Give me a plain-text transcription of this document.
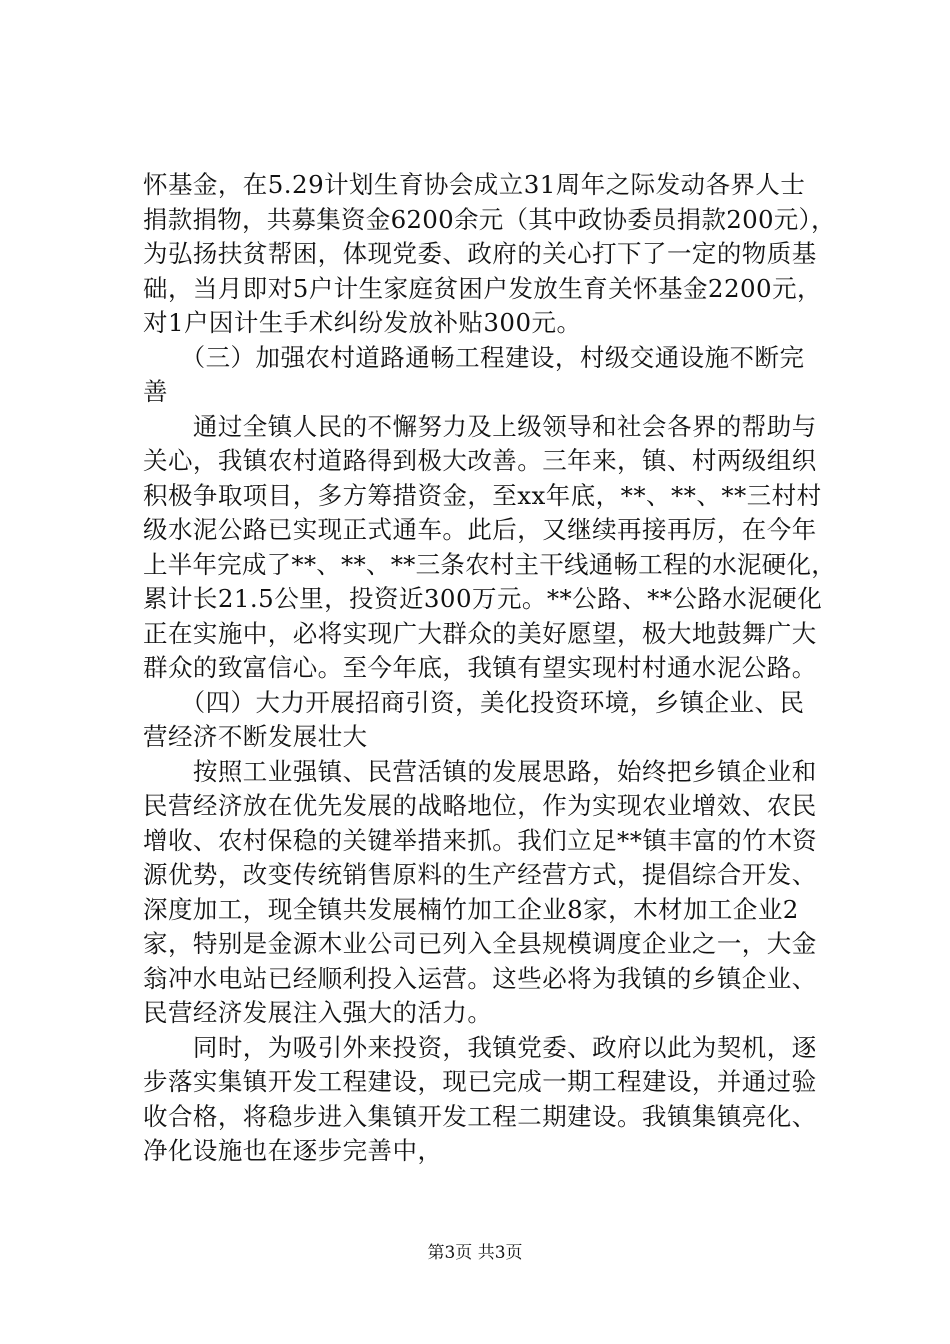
怀基金，在5.29计划生育协会成立31周年之际发动各界人士
捐款捐物，共募集资金6200余元（其中政协委员捐款200元），
为弘扬扶贫帮困，体现党委、政府的关心打下了一定的物质基
础，当月即对5户计生家庭贫困户发放生育关怀基金2200元，
对1户因计生手术纠纷发放补贴300元。
　　（三）加强农村道路通畅工程建设，村级交通设施不断完
善
　　通过全镇人民的不懈努力及上级领导和社会各界的帮助与
关心，我镇农村道路得到极大改善。三年来，镇、村两级组织
积极争取项目，多方筹措资金，至xx年底，**、**、**三村村
级水泥公路已实现正式通车。此后，又继续再接再厉，在今年
上半年完成了**、**、**三条农村主干线通畅工程的水泥硬化，
累计长21.5公里，投资近300万元。**公路、**公路水泥硬化
正在实施中，必将实现广大群众的美好愿望，极大地鼓舞广大
群众的致富信心。至今年底，我镇有望实现村村通水泥公路。
　　（四）大力开展招商引资，美化投资环境，乡镇企业、民
营经济不断发展壮大
　　按照工业强镇、民营活镇的发展思路，始终把乡镇企业和
民营经济放在优先发展的战略地位，作为实现农业增效、农民
增收、农村保稳的关键举措来抓。我们立足**镇丰富的竹木资
源优势，改变传统销售原料的生产经营方式，提倡综合开发、
深度加工，现全镇共发展楠竹加工企业8家，木材加工企业2
家，特别是金源木业公司已列入全县规模调度企业之一，大金
翁冲水电站已经顺利投入运营。这些必将为我镇的乡镇企业、
民营经济发展注入强大的活力。
　　同时，为吸引外来投资，我镇党委、政府以此为契机，逐
步落实集镇开发工程建设，现已完成一期工程建设，并通过验
收合格，将稳步进入集镇开发工程二期建设。我镇集镇亮化、
净化设施也在逐步完善中，
第3页 共3页
